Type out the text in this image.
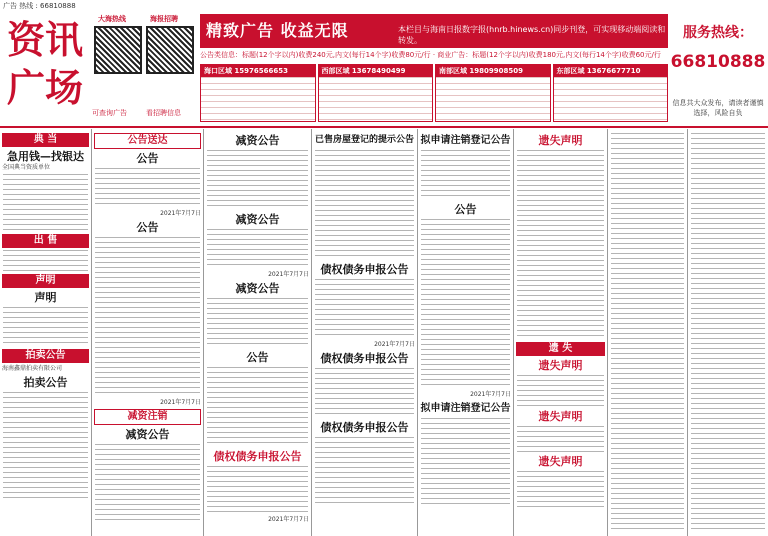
广告 热线 : 66810888
资讯
广场
大海热线
可查询广告
海报招聘
看招聘信息
精致广告 收益无限	本栏目与海南日报数字报(hnrb.hinews.cn)同步刊登，可实现移动端阅读和转发。
公告类信息：标题(12个字以内)收费240元,内文(每行14个字)收费80元/行 · 商业广告：标题(12个字以内)收费180元,内文(每行14个字)收费60元/行
海口区域 15976566653	西部区域 13678490499	南部区域 19809908509	东部区域 13676677710
服务热线：
66810888
信息共大众发布，请读者谨慎选择，风险自负
典 当
急用钱—找银达
全国典当资质单位
出 售
声明
声明
拍卖公告
海南鑫鼎拍卖有限公司
拍卖公告
公告送达
公告
2021年7月7日
公告
2021年7月7日
减资注销
减资公告
减资公告
减资公告
2021年7月7日
减资公告
公告
债权债务申报公告
2021年7月7日
已售房屋登记的提示公告
债权债务申报公告
2021年7月7日
债权债务申报公告
债权债务申报公告
拟申请注销登记公告
公告
2021年7月7日
拟申请注销登记公告
遗失声明
遗 失
遗失声明
遗失声明
遗失声明
